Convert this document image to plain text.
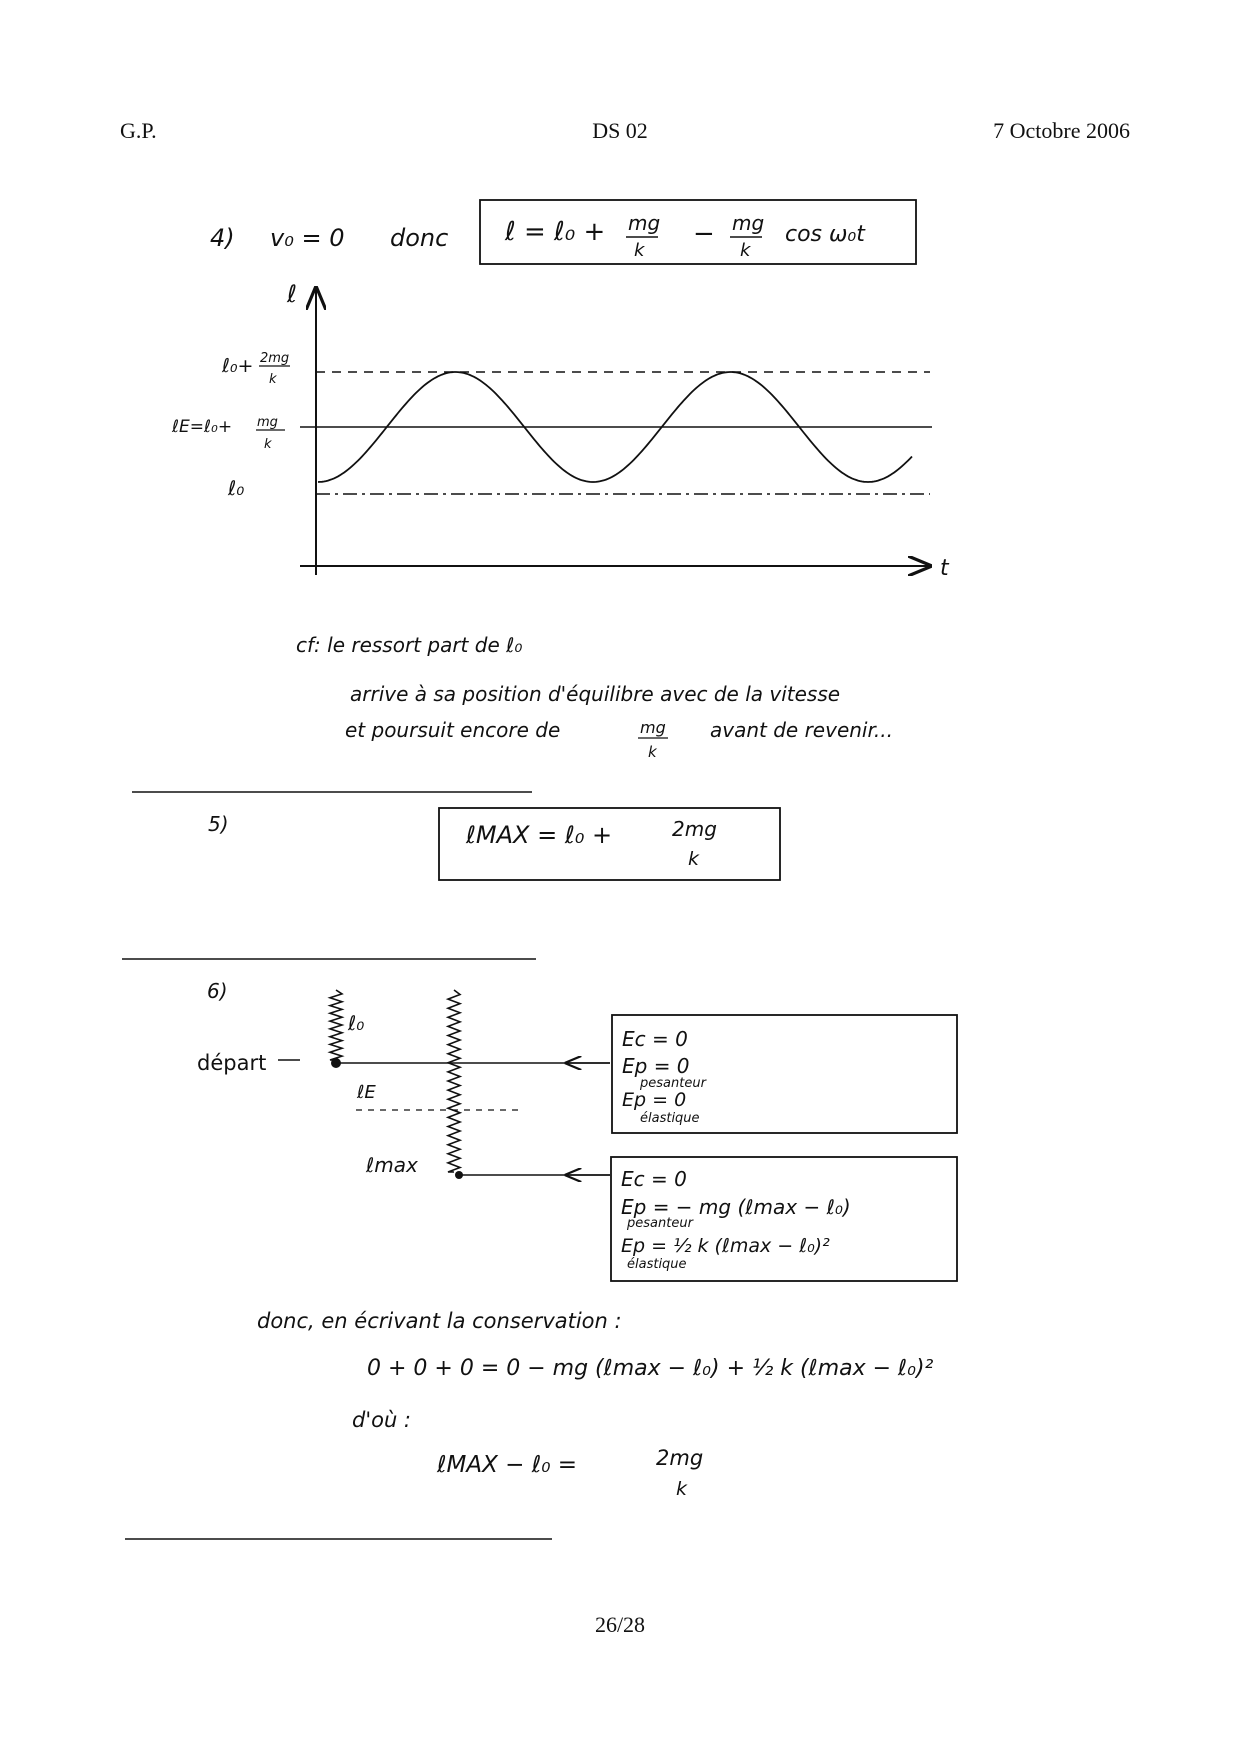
G.P.	DS 02	7 Octobre 2006
4) v₀ = 0 donc ℓ = ℓ₀ + mg
k
− mg
k
cos ω₀t
ℓ
t
ℓ₀+ 2mg
k
ℓE=ℓ₀+ mg
k
ℓ₀
cf: le ressort part de ℓ₀
arrive à sa position d'équilibre avec de la vitesse
et poursuit encore de	mg
k
avant de revenir...
5)	ℓMAX = ℓ₀ +	2mg
k
6)
ℓ₀
départ
ℓE
ℓmax
Ec = 0
Ep = 0
pesanteur
Ep = 0
élastique
Ec = 0
Ep = − mg (ℓmax − ℓ₀)
pesanteur
Ep = ½ k (ℓmax − ℓ₀)²
élastique
donc, en écrivant la conservation :
0 + 0 + 0 = 0 − mg (ℓmax − ℓ₀) + ½ k (ℓmax − ℓ₀)²
d'où :
ℓMAX − ℓ₀ =	2mg
k
26/28
